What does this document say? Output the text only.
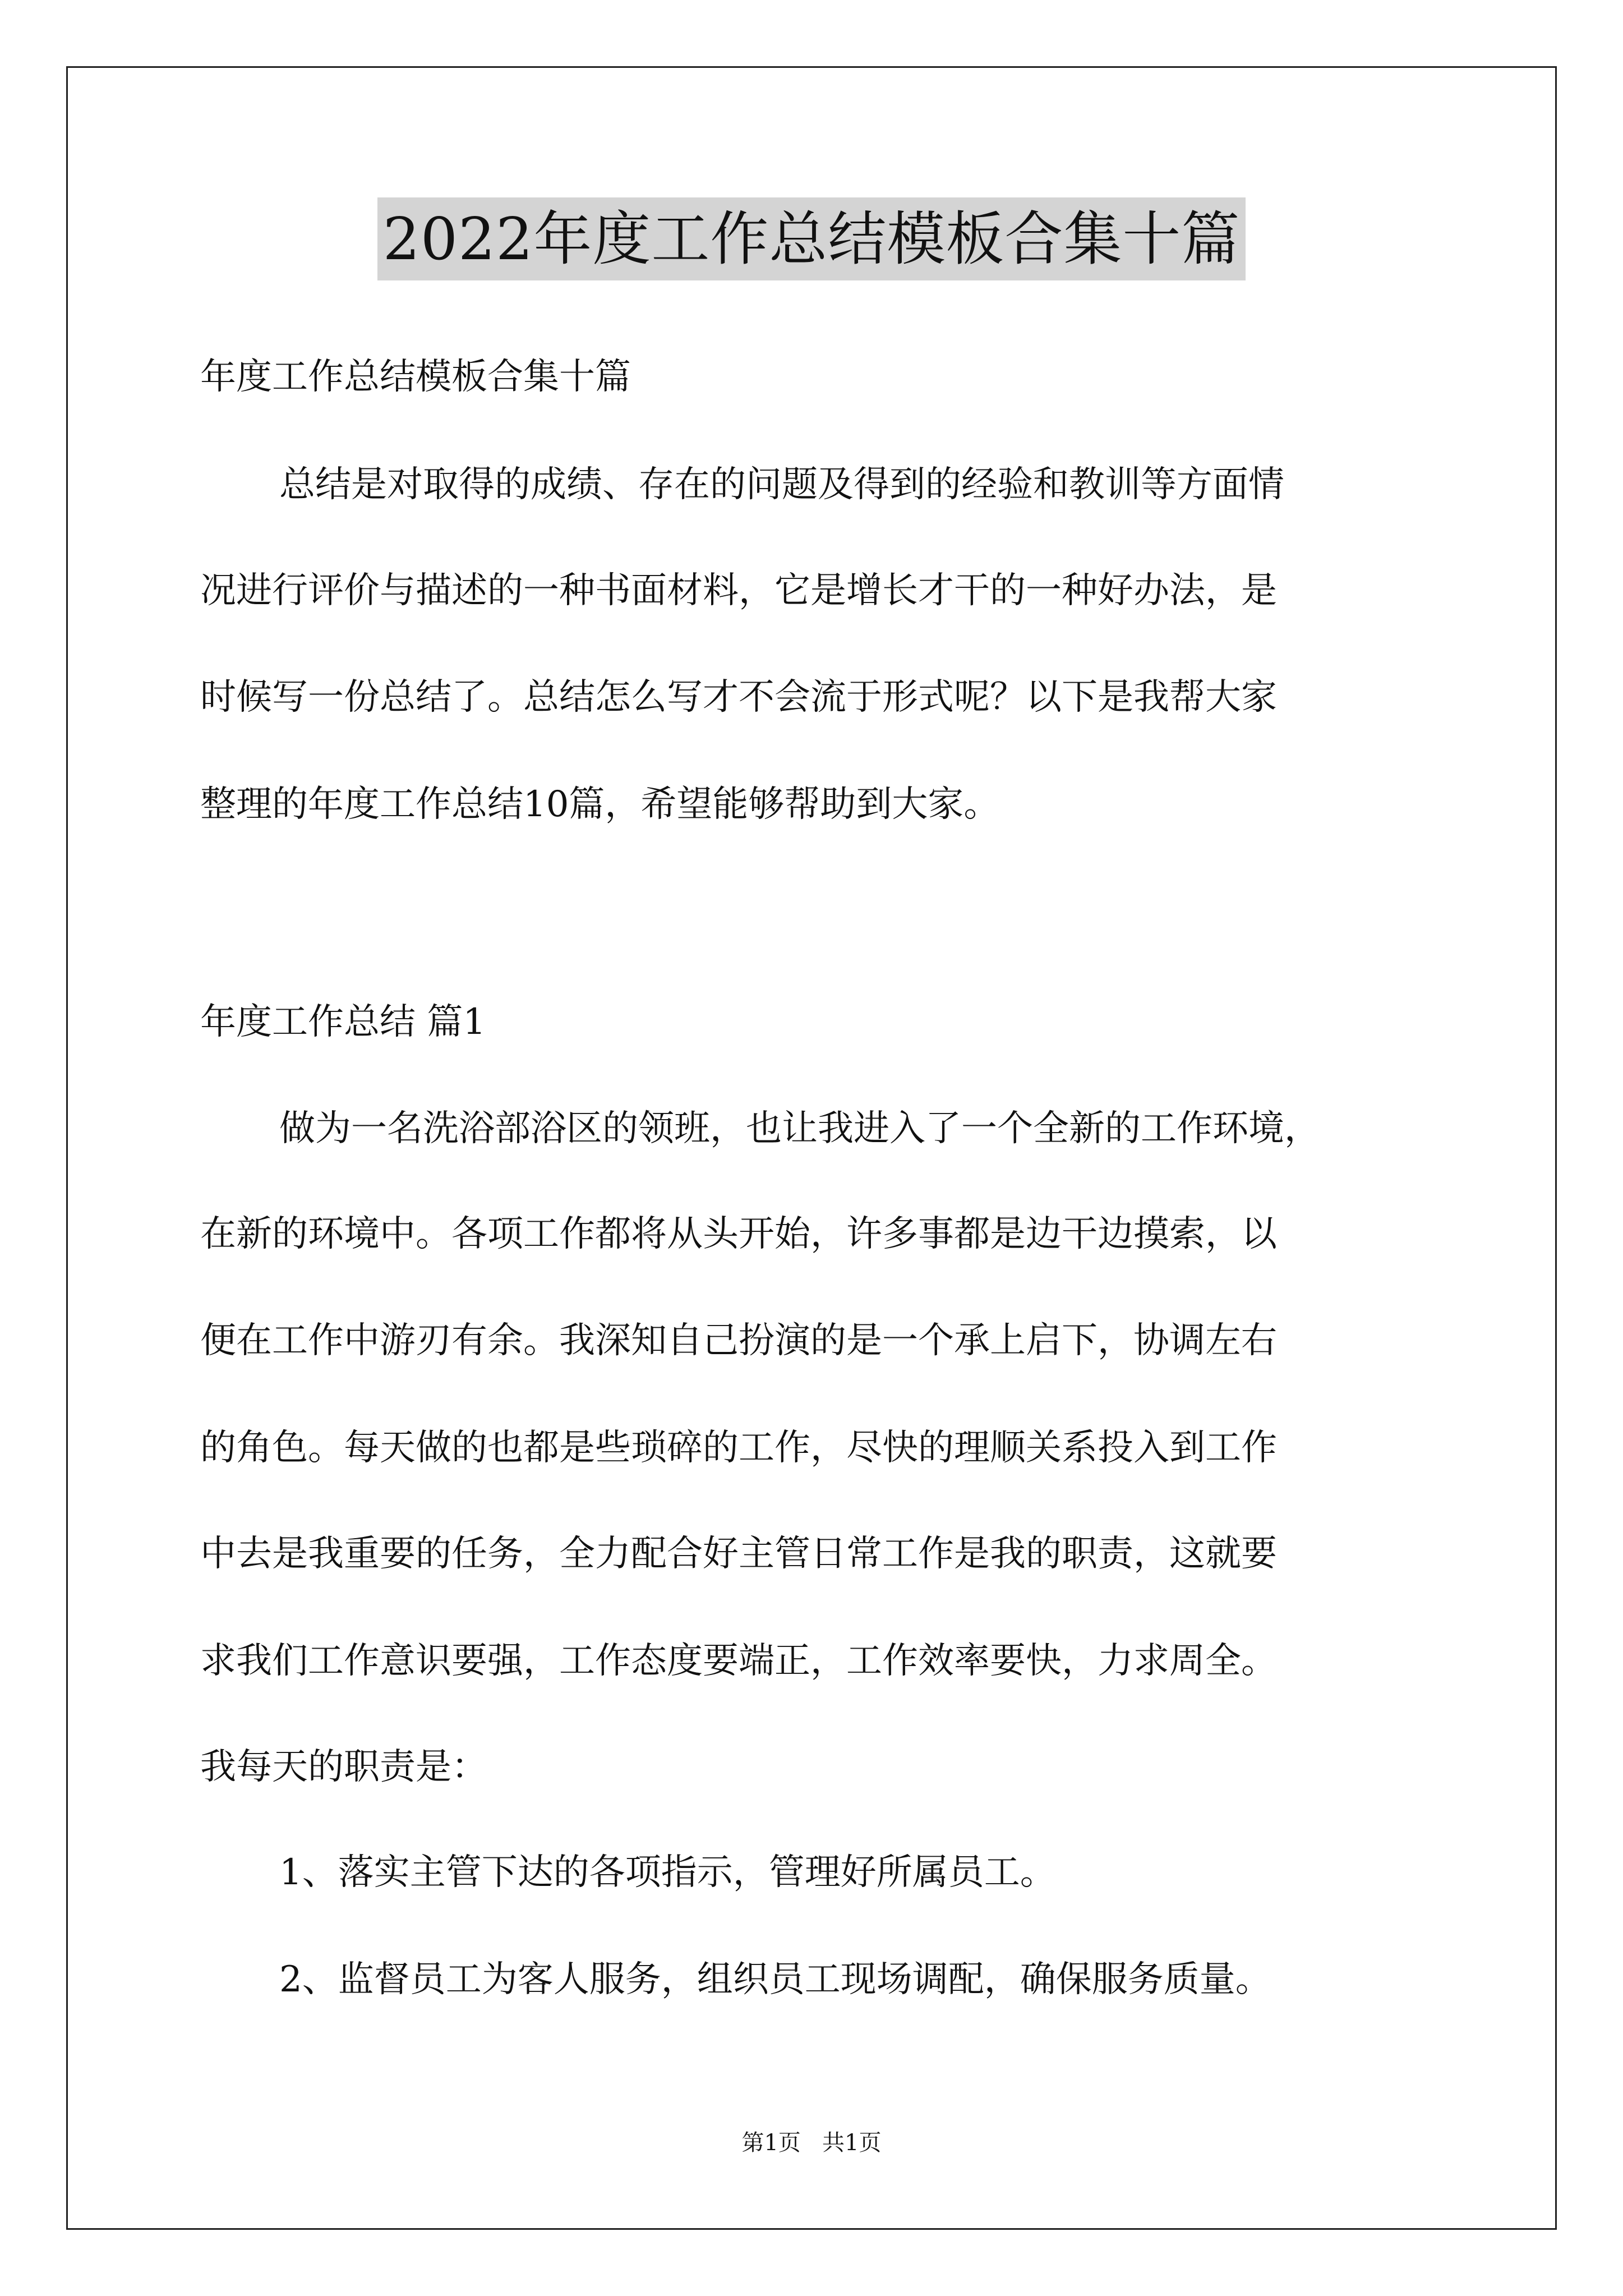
2022年度工作总结模板合集十篇
年度工作总结模板合集十篇
总结是对取得的成绩、存在的问题及得到的经验和教训等方面情
况进行评价与描述的一种书面材料，它是增长才干的一种好办法，是
时候写一份总结了。总结怎么写才不会流于形式呢？以下是我帮大家
整理的年度工作总结10篇，希望能够帮助到大家。
年度工作总结 篇1
做为一名洗浴部浴区的领班，也让我进入了一个全新的工作环境，
在新的环境中。各项工作都将从头开始，许多事都是边干边摸索，以
便在工作中游刃有余。我深知自己扮演的是一个承上启下，协调左右
的角色。每天做的也都是些琐碎的工作，尽快的理顺关系投入到工作
中去是我重要的任务，全力配合好主管日常工作是我的职责，这就要
求我们工作意识要强，工作态度要端正，工作效率要快，力求周全。
我每天的职责是：
1、落实主管下达的各项指示，管理好所属员工。
2、监督员工为客人服务，组织员工现场调配，确保服务质量。
第1页   共1页
